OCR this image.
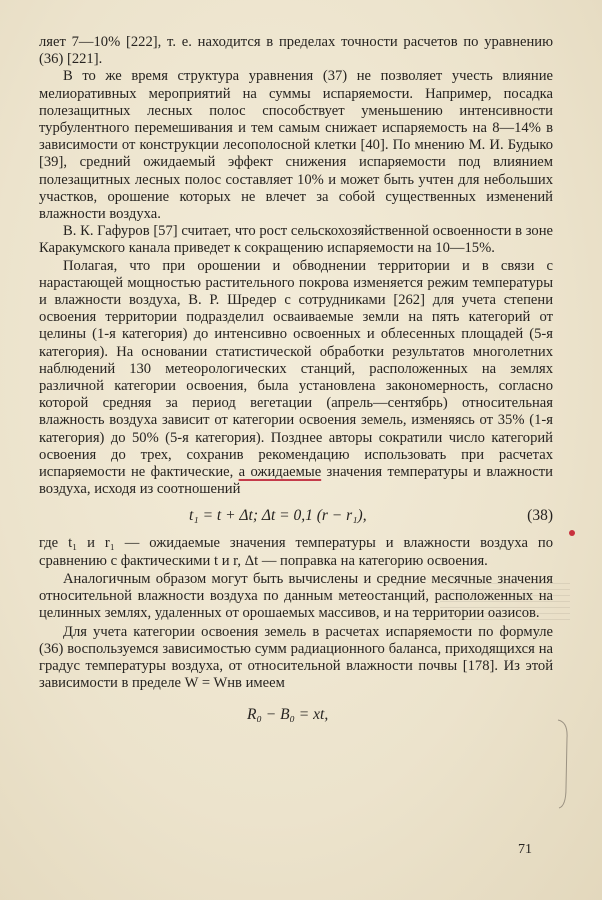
ляет 7—10% [222], т. е. находится в пределах точности расчетов по уравнению (36) [221].

В то же время структура уравнения (37) не позволяет учесть влияние мелиоративных мероприятий на суммы испаряемости. Например, посадка полезащитных лесных полос способствует уменьшению интенсивности турбулентного перемешивания и тем самым снижает испаряемость на 8—14% в зависимости от конструкции лесополосной клетки [40]. По мнению М. И. Будыко [39], средний ожидаемый эффект снижения испаряемости под влиянием полезащитных лесных полос составляет 10% и может быть учтен для небольших участков, орошение которых не влечет за собой существенных изменений влажности воздуха.

В. К. Гафуров [57] считает, что рост сельскохозяйственной освоенности в зоне Каракумского канала приведет к сокращению испаряемости на 10—15%.

Полагая, что при орошении и обводнении территории и в связи с нарастающей мощностью растительного покрова изменяется режим температуры и влажности воздуха, В. Р. Шредер с сотрудниками [262] для учета степени освоения территории подразделил осваиваемые земли на пять категорий от целины (1-я категория) до интенсивно освоенных и облесенных площадей (5-я категория). На основании статистической обработки результатов многолетних наблюдений 130 метеорологических станций, расположенных на землях различной категории освоения, была установлена закономерность, согласно которой средняя за период вегетации (апрель—сентябрь) относительная влажность воздуха зависит от категории освоения земель, изменяясь от 35% (1-я категория) до 50% (5-я категория). Позднее авторы сократили число категорий освоения до трех, сохранив рекомендацию использовать при расчетах испаряемости не фактические, а ожидаемые значения температуры и влажности воздуха, исходя из соотношений

t₁ = t + Δt; Δt = 0,1 (r − r₁),	(38)

где t₁ и r₁ — ожидаемые значения температуры и влажности воздуха по сравнению с фактическими t и r, Δt — поправка на категорию освоения.

Аналогичным образом могут быть вычислены и средние месячные значения относительной влажности воздуха по данным метеостанций, расположенных на целинных землях, удаленных от орошаемых массивов, и на территории оазисов.

Для учета категории освоения земель в расчетах испаряемости по формуле (36) воспользуемся зависимостью сумм радиационного баланса, приходящихся на градус температуры воздуха, от относительной влажности почвы [178]. Из этой зависимости в пределе W = Wнв имеем

R₀ − B₀ = xt,
71
